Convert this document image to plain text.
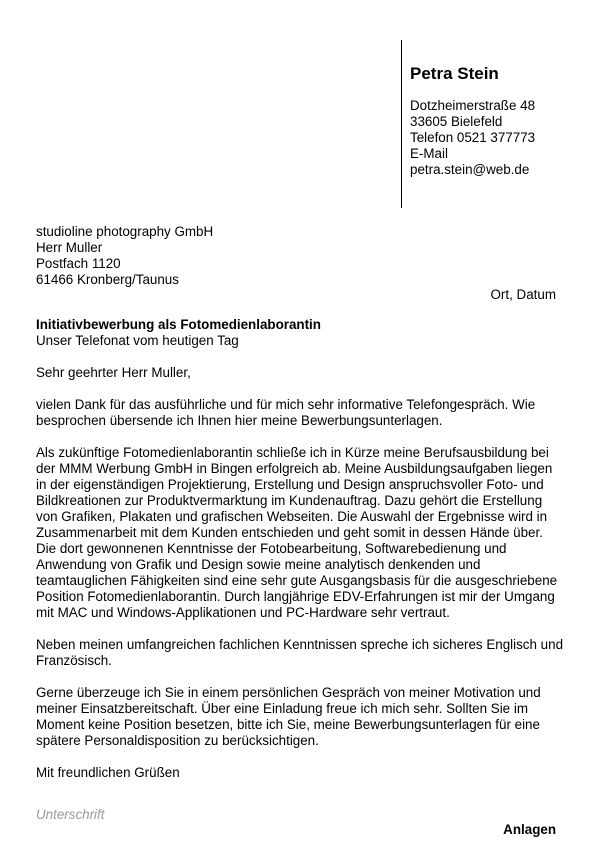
Petra Stein
Dotzheimerstraße 48
33605 Bielefeld
Telefon 0521 377773
E-Mail
petra.stein@web.de
studioline photography GmbH
Herr Muller
Postfach 1120
61466 Kronberg/Taunus
Ort, Datum
Initiativbewerbung als Fotomedienlaborantin
Unser Telefonat vom heutigen Tag
Sehr geehrter Herr Muller,

vielen Dank für das ausführliche und für mich sehr informative Telefongespräch. Wie besprochen übersende ich Ihnen hier meine Bewerbungsunterlagen.

Als zukünftige Fotomedienlaborantin schließe ich in Kürze meine Berufsausbildung bei der MMM Werbung GmbH in Bingen erfolgreich ab. Meine Ausbildungsaufgaben liegen in der eigenständigen Projektierung, Erstellung und Design anspruchsvoller Foto- und Bildkreationen zur Produktvermarktung im Kundenauftrag. Dazu gehört die Erstellung von Grafiken, Plakaten und grafischen Webseiten. Die Auswahl der Ergebnisse wird in Zusammenarbeit mit dem Kunden entschieden und geht somit in dessen Hände über. Die dort gewonnenen Kenntnisse der Fotobearbeitung, Softwarebedienung und Anwendung von Grafik und Design sowie meine analytisch denkenden und teamtauglichen Fähigkeiten sind eine sehr gute Ausgangsbasis für die ausgeschriebene Position Fotomedienlaborantin. Durch langjährige EDV-Erfahrungen ist mir der Umgang mit MAC und Windows-Applikationen und PC-Hardware sehr vertraut.

Neben meinen umfangreichen fachlichen Kenntnissen spreche ich sicheres Englisch und Französisch.

Gerne überzeuge ich Sie in einem persönlichen Gespräch von meiner Motivation und meiner Einsatzbereitschaft. Über eine Einladung freue ich mich sehr. Sollten Sie im Moment keine Position besetzen, bitte ich Sie, meine Bewerbungsunterlagen für eine spätere Personaldisposition zu berücksichtigen.

Mit freundlichen Grüßen
Unterschrift
Anlagen
